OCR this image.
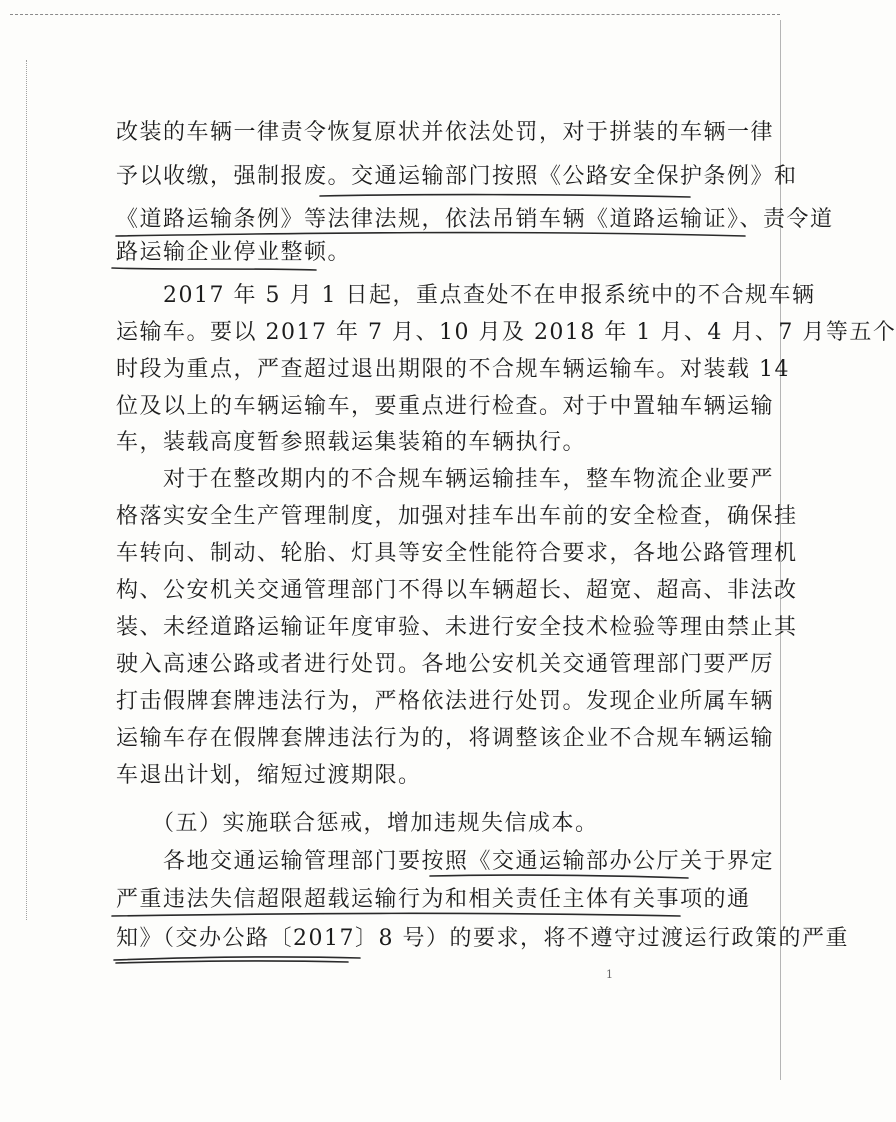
改装的车辆一律责令恢复原状并依法处罚，对于拼装的车辆一律
予以收缴，强制报废。交通运输部门按照《公路安全保护条例》和
《道路运输条例》等法律法规，依法吊销车辆《道路运输证》、责令道
路运输企业停业整顿。
　　2017 年 5 月 1 日起，重点查处不在申报系统中的不合规车辆
运输车。要以 2017 年 7 月、10 月及 2018 年 1 月、4 月、7 月等五个
时段为重点，严查超过退出期限的不合规车辆运输车。对装载 14
位及以上的车辆运输车，要重点进行检查。对于中置轴车辆运输
车，装载高度暂参照载运集装箱的车辆执行。
　　对于在整改期内的不合规车辆运输挂车，整车物流企业要严
格落实安全生产管理制度，加强对挂车出车前的安全检查，确保挂
车转向、制动、轮胎、灯具等安全性能符合要求，各地公路管理机
构、公安机关交通管理部门不得以车辆超长、超宽、超高、非法改
装、未经道路运输证年度审验、未进行安全技术检验等理由禁止其
驶入高速公路或者进行处罚。各地公安机关交通管理部门要严厉
打击假牌套牌违法行为，严格依法进行处罚。发现企业所属车辆
运输车存在假牌套牌违法行为的，将调整该企业不合规车辆运输
车退出计划，缩短过渡期限。
　　（五）实施联合惩戒，增加违规失信成本。
　　各地交通运输管理部门要按照《交通运输部办公厅关于界定
严重违法失信超限超载运输行为和相关责任主体有关事项的通
知》（交办公路〔2017〕8 号）的要求，将不遵守过渡运行政策的严重
1
